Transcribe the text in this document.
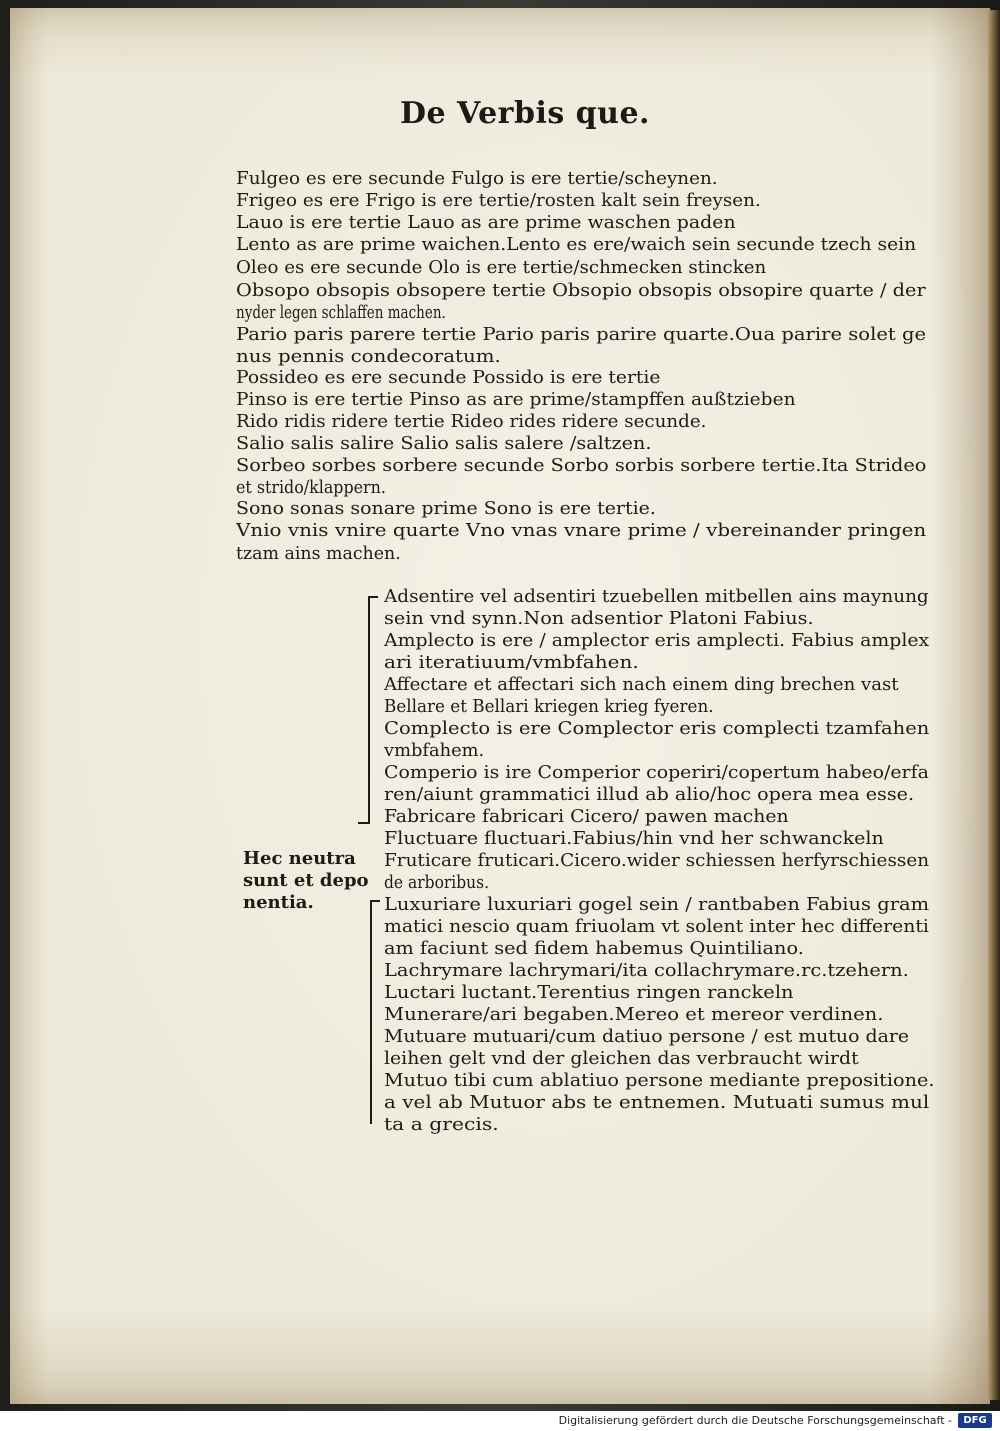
De Verbis que.
Fulgeo es ere secunde Fulgo is ere tertie/scheynen.
Frigeo es ere Frigo is ere tertie/rosten kalt sein freysen.
Lauo is ere tertie Lauo as are prime waschen paden
Lento as are prime waichen.Lento es ere/waich sein secunde tzech sein
Oleo es ere secunde Olo is ere tertie/schmecken stincken
Obsopo obsopis obsopere tertie Obsopio obsopis obsopire quarte / der
nyder legen schlaffen machen.
Pario paris parere tertie Pario paris parire quarte.Oua parire solet ge
nus pennis condecoratum.
Possideo es ere secunde Possido is ere tertie
Pinso is ere tertie Pinso as are prime/stampffen außtzieben
Rido ridis ridere tertie Rideo rides ridere secunde.
Salio salis salire Salio salis salere /saltzen.
Sorbeo sorbes sorbere secunde Sorbo sorbis sorbere tertie.Ita Strideo
et strido/klappern.
Sono sonas sonare prime Sono is ere tertie.
Vnio vnis vnire quarte Vno vnas vnare prime / vbereinander pringen
tzam ains machen.
Adsentire vel adsentiri tzuebellen mitbellen ains maynung
sein vnd synn.Non adsentior Platoni Fabius.
Amplecto is ere / amplector eris amplecti. Fabius amplex
ari iteratiuum/vmbfahen.
Affectare et affectari sich nach einem ding brechen vast
Bellare et Bellari kriegen krieg fyeren.
Complecto is ere Complector eris complecti tzamfahen
vmbfahem.
Comperio is ire Comperior coperiri/copertum habeo/erfa
ren/aiunt grammatici illud ab alio/hoc opera mea esse.
Fabricare fabricari Cicero/ pawen machen
Fluctuare fluctuari.Fabius/hin vnd her schwanckeln
Fruticare fruticari.Cicero.wider schiessen herfyrschiessen
de arboribus.
Luxuriare luxuriari gogel sein / rantbaben Fabius gram
matici nescio quam friuolam vt solent inter hec differenti
am faciunt sed fidem habemus Quintiliano.
Lachrymare lachrymari/ita collachrymare.rc.tzehern.
Luctari luctant.Terentius ringen ranckeln
Munerare/ari begaben.Mereo et mereor verdinen.
Mutuare mutuari/cum datiuo persone / est mutuo dare
leihen gelt vnd der gleichen das verbraucht wirdt
Mutuo tibi cum ablatiuo persone mediante prepositione.
a vel ab Mutuor abs te entnemen. Mutuati sumus mul
ta a grecis.
Hec neutra
sunt et depo
nentia.
Digitalisierung gefördert durch die Deutsche Forschungsgemeinschaft -	DFG
